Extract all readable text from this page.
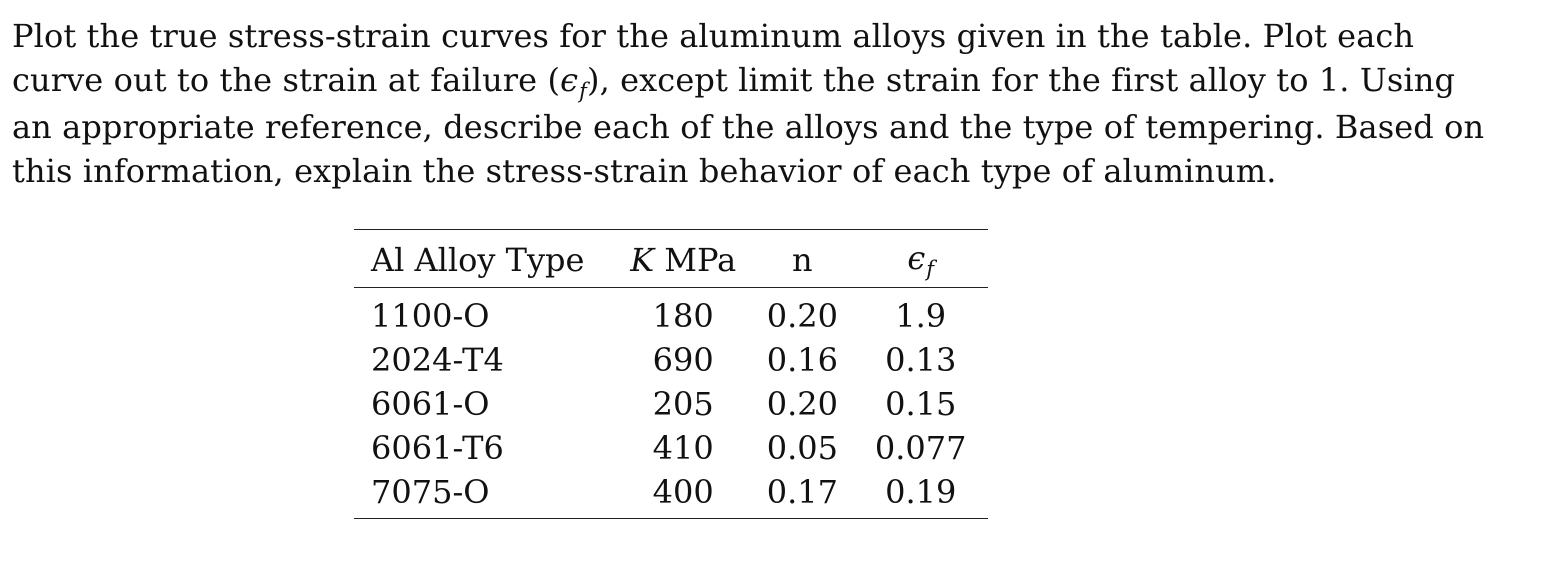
Plot the true stress-strain curves for the aluminum alloys given in the table. Plot each
curve out to the strain at failure $(\epsilon_f)$, except limit the strain for the first alloy to 1. Using
an appropriate reference, describe each of the alloys and the type of tempering. Based on
this information, explain the stress-strain behavior of each type of aluminum.
Al Alloy Type	K MPa	n	$\epsilon_f$
1100-O	180	0.20	1.9
2024-T4	690	0.16	0.13
6061-O	205	0.20	0.15
6061-T6	410	0.05	0.077
7075-O	400	0.17	0.19
